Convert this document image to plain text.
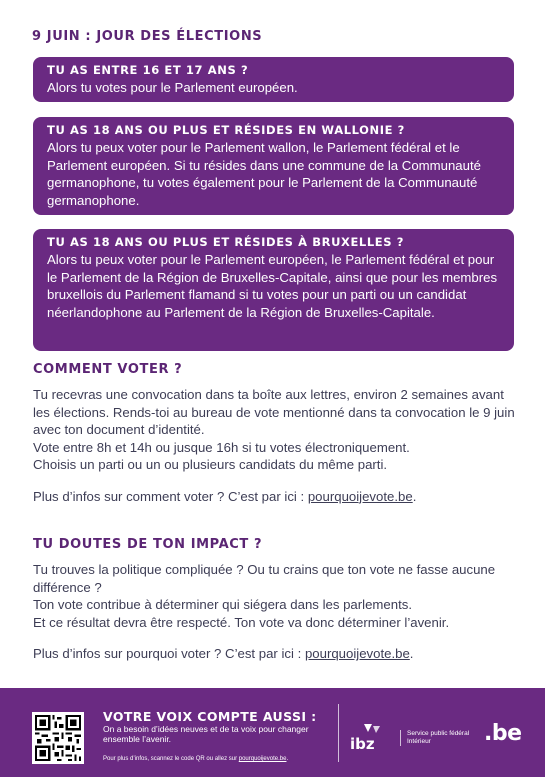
9 JUIN : JOUR DES ÉLECTIONS
TU AS ENTRE 16 ET 17 ANS ?
Alors tu votes pour le Parlement européen.
TU AS 18 ANS OU PLUS ET RÉSIDES EN WALLONIE ?
Alors tu peux voter pour le Parlement wallon, le Parlement fédéral et le Parlement européen. Si tu résides dans une commune de la Communauté germanophone, tu votes également pour le Parlement de la Communauté germanophone.
TU AS 18 ANS OU PLUS ET RÉSIDES À BRUXELLES ?
Alors tu peux voter pour le Parlement européen, le Parlement fédéral et pour le Parlement de la Région de Bruxelles-Capitale, ainsi que pour les membres bruxellois du Parlement flamand si tu votes pour un parti ou un candidat néerlandophone au Parlement de la Région de Bruxelles-Capitale.
COMMENT VOTER ?

Tu recevras une convocation dans ta boîte aux lettres, environ 2 semaines avant les élections. Rends-toi au bureau de vote mentionné dans ta convocation le 9 juin avec ton document d’identité.

Vote entre 8h et 14h ou jusque 16h si tu votes électroniquement.

Choisis un parti ou un ou plusieurs candidats du même parti.

Plus d’infos sur comment voter ? C’est par ici : pourquoijevote.be.

TU DOUTES DE TON IMPACT ?

Tu trouves la politique compliquée ? Ou tu crains que ton vote ne fasse aucune différence ?

Ton vote contribue à déterminer qui siégera dans les parlements.

Et ce résultat devra être respecté. Ton vote va donc déterminer l’avenir.

Plus d’infos sur pourquoi voter ? C’est par ici : pourquoijevote.be.

VOTRE VOIX COMPTE AUSSI :
On a besoin d’idées neuves et de ta voix pour changer ensemble l’avenir.
Pour plus d’infos, scannez le code QR ou allez sur pourquoijevote.be.
ibz
Service public fédéral Intérieur	.be
